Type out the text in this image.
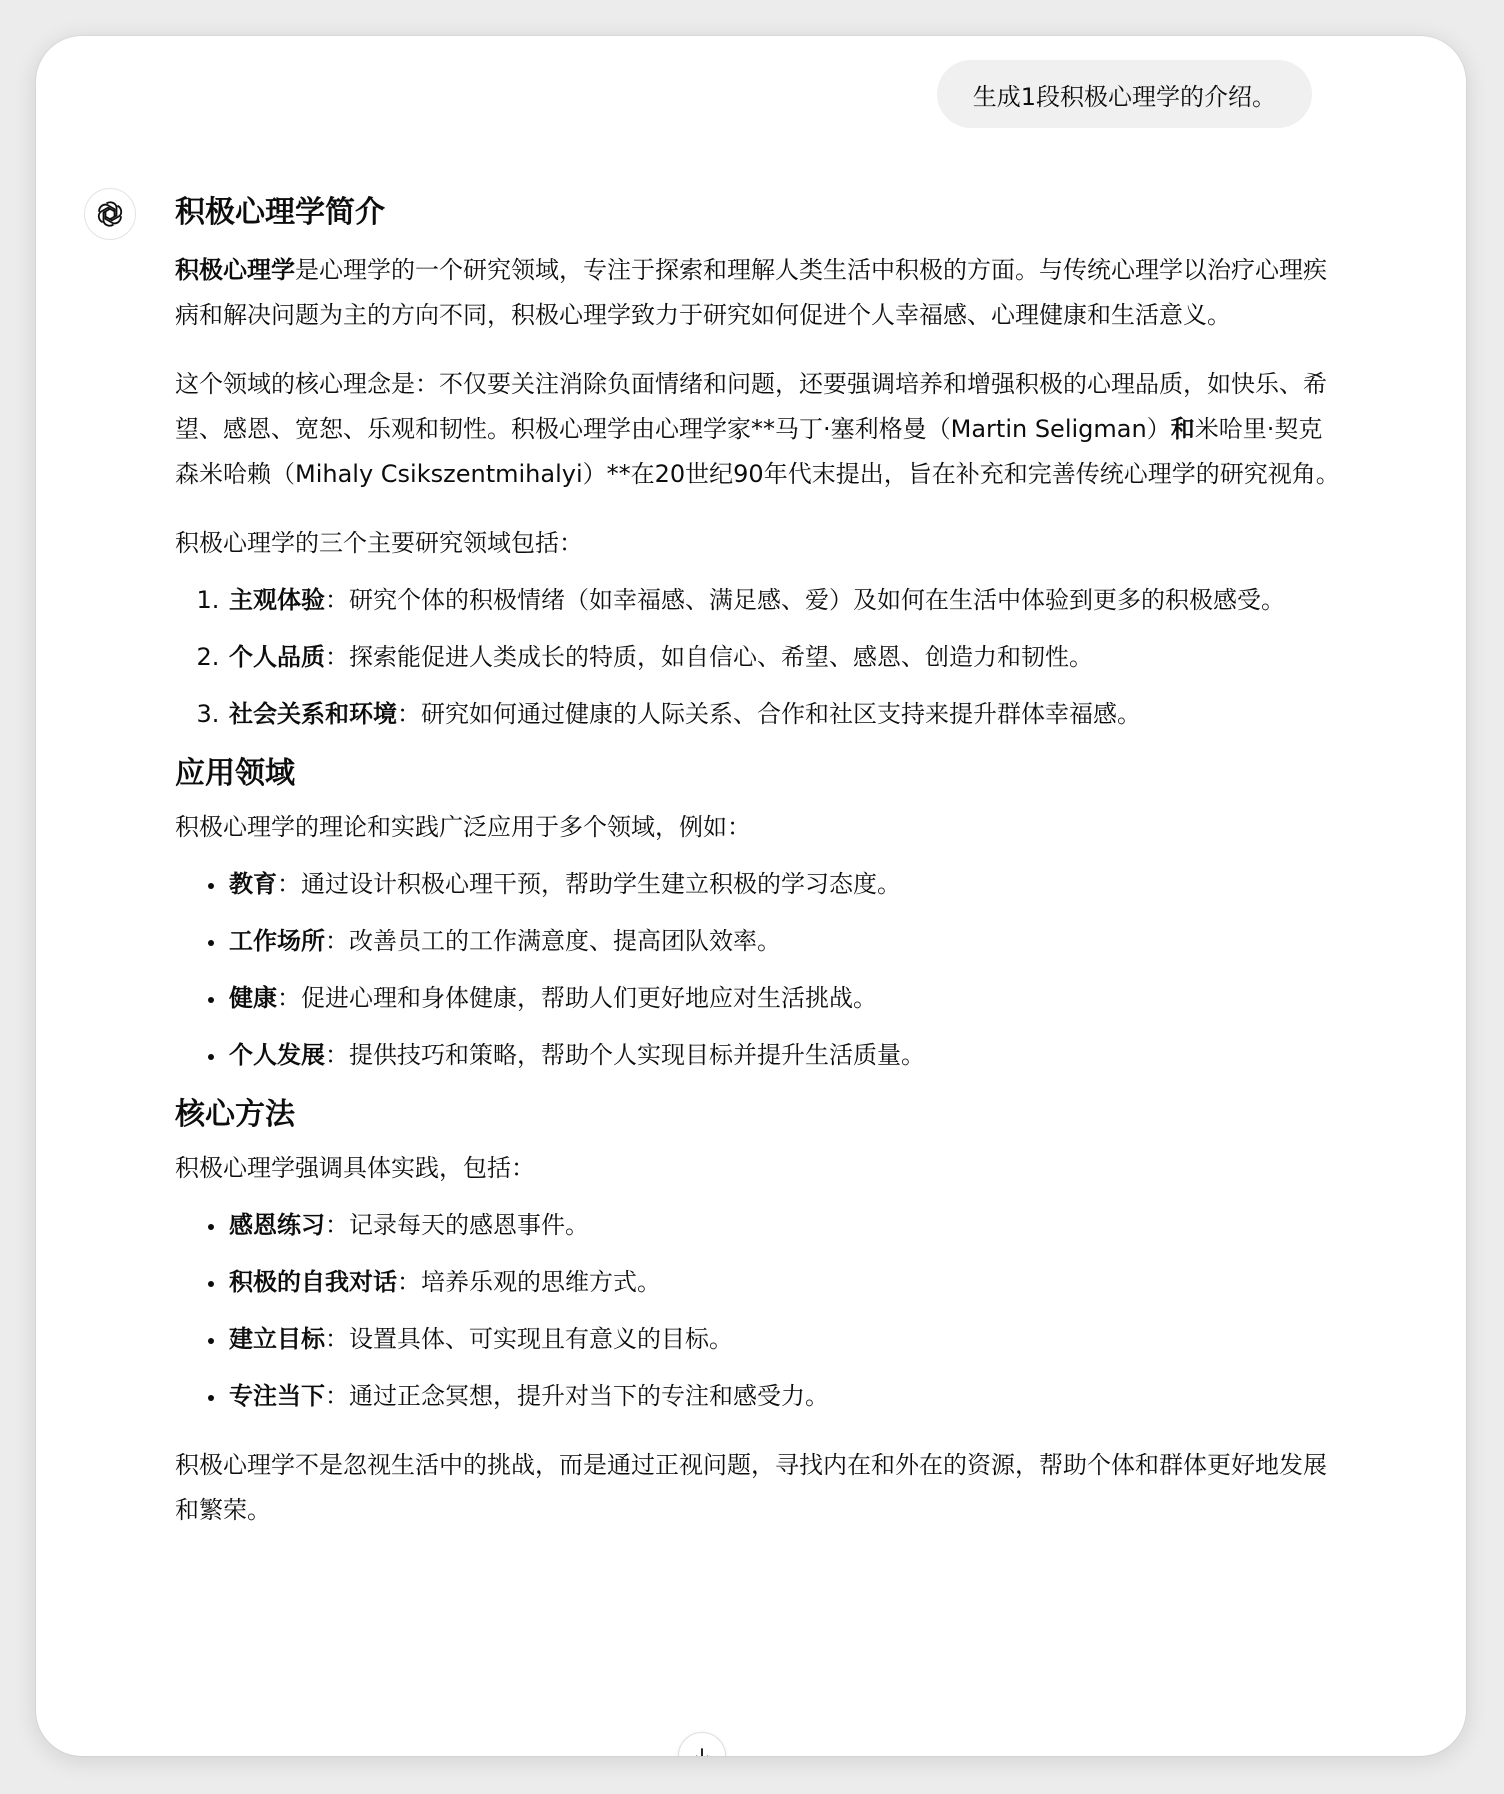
生成1段积极心理学的介绍。
积极心理学简介

积极心理学是心理学的一个研究领域，专注于探索和理解人类生活中积极的方面。与传统心理学以治疗心理疾病和解决问题为主的方向不同，积极心理学致力于研究如何促进个人幸福感、心理健康和生活意义。

这个领域的核心理念是：不仅要关注消除负面情绪和问题，还要强调培养和增强积极的心理品质，如快乐、希望、感恩、宽恕、乐观和韧性。积极心理学由心理学家**马丁·塞利格曼（Martin Seligman）和米哈里·契克森米哈赖（Mihaly Csikszentmihalyi）**在20世纪90年代末提出，旨在补充和完善传统心理学的研究视角。

积极心理学的三个主要研究领域包括：

1. 主观体验：研究个体的积极情绪（如幸福感、满足感、爱）及如何在生活中体验到更多的积极感受。
2. 个人品质：探索能促进人类成长的特质，如自信心、希望、感恩、创造力和韧性。
3. 社会关系和环境：研究如何通过健康的人际关系、合作和社区支持来提升群体幸福感。
应用领域

积极心理学的理论和实践广泛应用于多个领域，例如：

• 教育：通过设计积极心理干预，帮助学生建立积极的学习态度。
• 工作场所：改善员工的工作满意度、提高团队效率。
• 健康：促进心理和身体健康，帮助人们更好地应对生活挑战。
• 个人发展：提供技巧和策略，帮助个人实现目标并提升生活质量。
核心方法

积极心理学强调具体实践，包括：

• 感恩练习：记录每天的感恩事件。
• 积极的自我对话：培养乐观的思维方式。
• 建立目标：设置具体、可实现且有意义的目标。
• 专注当下：通过正念冥想，提升对当下的专注和感受力。

积极心理学不是忽视生活中的挑战，而是通过正视问题，寻找内在和外在的资源，帮助个体和群体更好地发展和繁荣。
